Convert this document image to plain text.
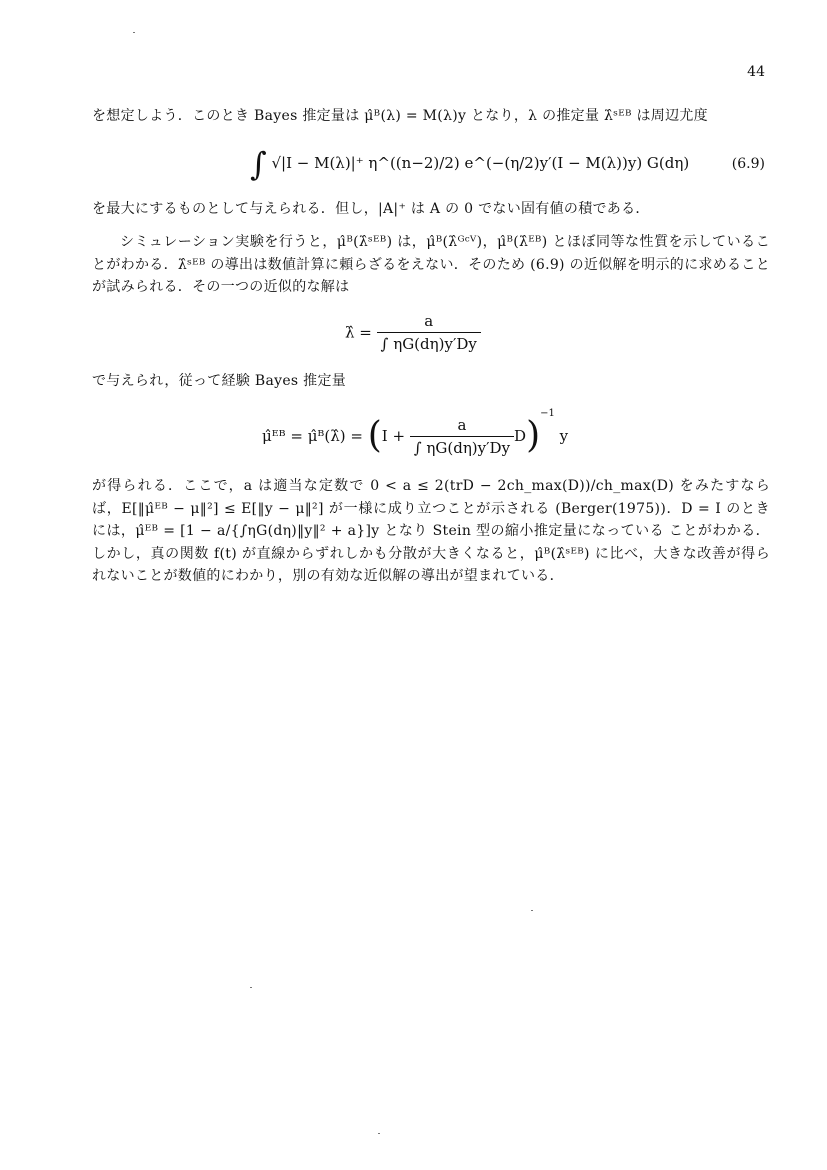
44
を想定しよう．このとき Bayes 推定量は μ̂ᴮ(λ) = M(λ)y となり，λ の推定量 λ̂ˢᴱᴮ は周辺尤度
∫ √|I − M(λ)|⁺ η^((n−2)/2) e^(−(η/2)y′(I − M(λ))y) G(dη)	(6.9)
を最大にするものとして与えられる．但し，|A|⁺ は A の 0 でない固有値の積である．
シミュレーション実験を行うと，μ̂ᴮ(λ̂ˢᴱᴮ) は，μ̂ᴮ(λ̂ᴳᶜⱽ)，μ̂ᴮ(λ̂ᴱᴮ) とほぼ同等な性質を示していることがわかる．λ̂ˢᴱᴮ の導出は数値計算に頼らざるをえない．そのため (6.9) の近似解を明示的に求めることが試みられる．その一つの近似的な解は
λ̂ = $\frac{a}{\int \eta G(d\eta)y'Dy}$
で与えられ，従って経験 Bayes 推定量
μ̂ᴱᴮ = μ̂ᴮ(λ̂) = $(I + \frac{a}{\int \eta G(d\eta)y'Dy} D)^{-1}$ y
が得られる．ここで，a は適当な定数で 0 < a ≤ 2(trD − 2ch_max(D))/ch_max(D) をみたすならば，E[‖μ̂ᴱᴮ − μ‖²] ≤ E[‖y − μ‖²] が一様に成り立つことが示される (Berger(1975))．D = I のときには，μ̂ᴱᴮ = [1 − a/{∫ηG(dη)‖y‖² + a}]y となり Stein 型の縮小推定量になっている ことがわかる．しかし，真の関数 f(t) が直線からずれしかも分散が大きくなると，μ̂ᴮ(λ̂ˢᴱᴮ) に比べ，大きな改善が得られないことが数値的にわかり，別の有効な近似解の導出が望まれている．
